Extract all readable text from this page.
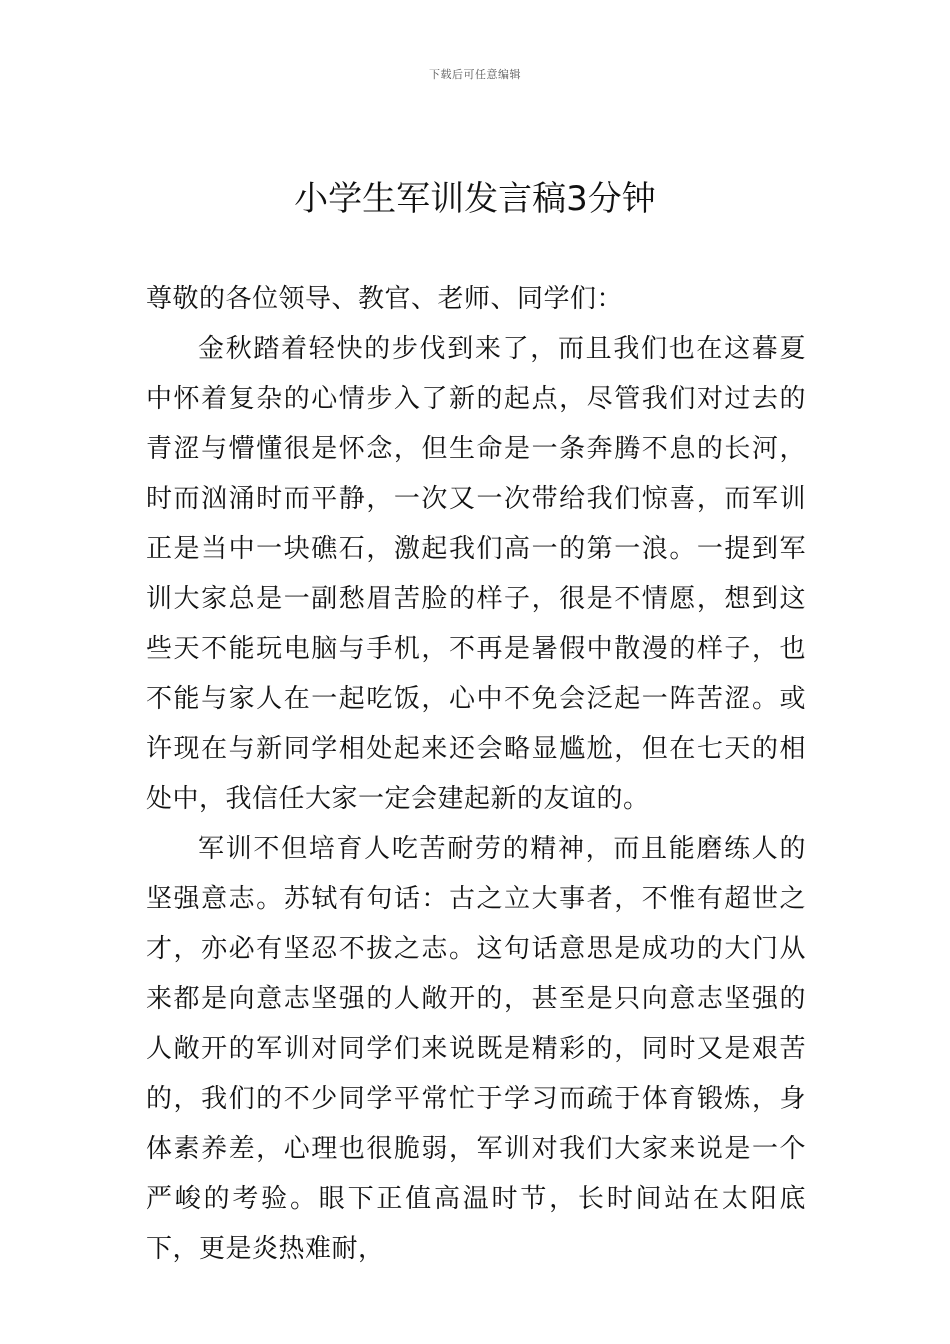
下载后可任意编辑
小学生军训发言稿3分钟

尊敬的各位领导、教官、老师、同学们：

金秋踏着轻快的步伐到来了，而且我们也在这暮夏中怀着复杂的心情步入了新的起点，尽管我们对过去的青涩与懵懂很是怀念，但生命是一条奔腾不息的长河，时而汹涌时而平静，一次又一次带给我们惊喜，而军训正是当中一块礁石，激起我们高一的第一浪。一提到军训大家总是一副愁眉苦脸的样子，很是不情愿，想到这些天不能玩电脑与手机，不再是暑假中散漫的样子，也不能与家人在一起吃饭，心中不免会泛起一阵苦涩。或许现在与新同学相处起来还会略显尴尬，但在七天的相处中，我信任大家一定会建起新的友谊的。

军训不但培育人吃苦耐劳的精神，而且能磨练人的坚强意志。苏轼有句话：古之立大事者，不惟有超世之才，亦必有坚忍不拔之志。这句话意思是成功的大门从来都是向意志坚强的人敞开的，甚至是只向意志坚强的人敞开的军训对同学们来说既是精彩的，同时又是艰苦的，我们的不少同学平常忙于学习而疏于体育锻炼，身体素养差，心理也很脆弱，军训对我们大家来说是一个严峻的考验。眼下正值高温时节，长时间站在太阳底下，更是炎热难耐，
